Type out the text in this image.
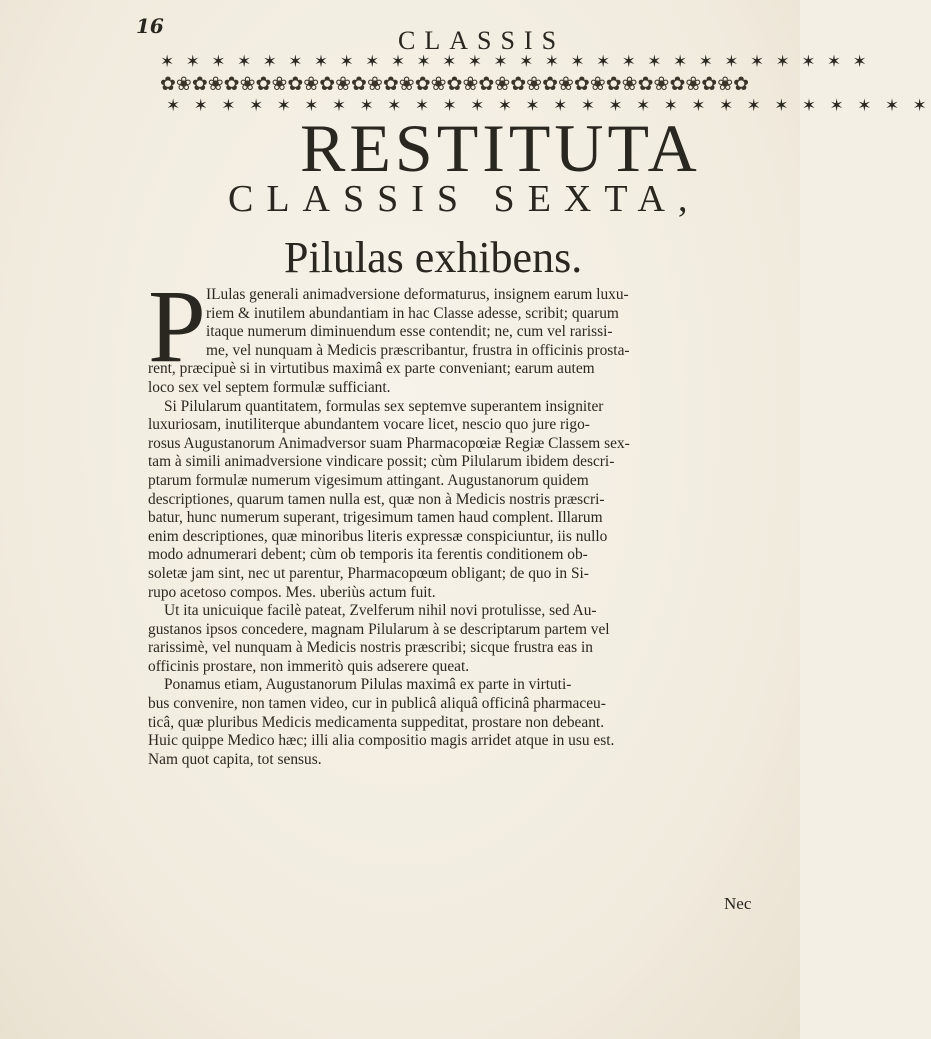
16	CLASSIS
✶ ✶ ✶ ✶ ✶ ✶ ✶ ✶ ✶ ✶ ✶ ✶ ✶ ✶ ✶ ✶ ✶ ✶ ✶ ✶ ✶ ✶ ✶ ✶ ✶ ✶ ✶ ✶
✿❀✿❀✿❀✿❀✿❀✿❀✿❀✿❀✿❀✿❀✿❀✿❀✿❀✿❀✿❀✿❀✿❀✿❀✿
✶ ✶ ✶ ✶ ✶ ✶ ✶ ✶ ✶ ✶ ✶ ✶ ✶ ✶ ✶ ✶ ✶ ✶ ✶ ✶ ✶ ✶ ✶ ✶ ✶ ✶ ✶ ✶
RESTITUTA
CLASSIS SEXTA,
Pilulas exhibens.
P ILulas generali animadversione deformaturus, insignem earum luxu-
riem & inutilem abundantiam in hac Classe adesse, scribit; quarum
itaque numerum diminuendum esse contendit; ne, cum vel rarissi-
me, vel nunquam à Medicis præscribantur, frustra in officinis prosta-
rent, præcipuè si in virtutibus maximâ ex parte conveniant; earum autem
loco sex vel septem formulæ sufficiant.
Si Pilularum quantitatem, formulas sex septemve superantem insigniter
luxuriosam, inutiliterque abundantem vocare licet, nescio quo jure rigo-
rosus Augustanorum Animadversor suam Pharmacopœiæ Regiæ Classem sex-
tam à simili animadversione vindicare possit; cùm Pilularum ibidem descri-
ptarum formulæ numerum vigesimum attingant. Augustanorum quidem
descriptiones, quarum tamen nulla est, quæ non à Medicis nostris præscri-
batur, hunc numerum superant, trigesimum tamen haud complent. Illarum
enim descriptiones, quæ minoribus literis expressæ conspiciuntur, iis nullo
modo adnumerari debent; cùm ob temporis ita ferentis conditionem ob-
soletæ jam sint, nec ut parentur, Pharmacopœum obligant; de quo in Si-
rupo acetoso compos. Mes. uberiùs actum fuit.
Ut ita unicuique facilè pateat, Zvelferum nihil novi protulisse, sed Au-
gustanos ipsos concedere, magnam Pilularum à se descriptarum partem vel
rarissimè, vel nunquam à Medicis nostris præscribi; sicque frustra eas in
officinis prostare, non immeritò quis adserere queat.
Ponamus etiam, Augustanorum Pilulas maximâ ex parte in virtuti-
bus convenire, non tamen video, cur in publicâ aliquâ officinâ pharmaceu-
ticâ, quæ pluribus Medicis medicamenta suppeditat, prostare non debeant.
Huic quippe Medico hæc; illi alia compositio magis arridet atque in usu est.
Nam quot capita, tot sensus.
Nec
